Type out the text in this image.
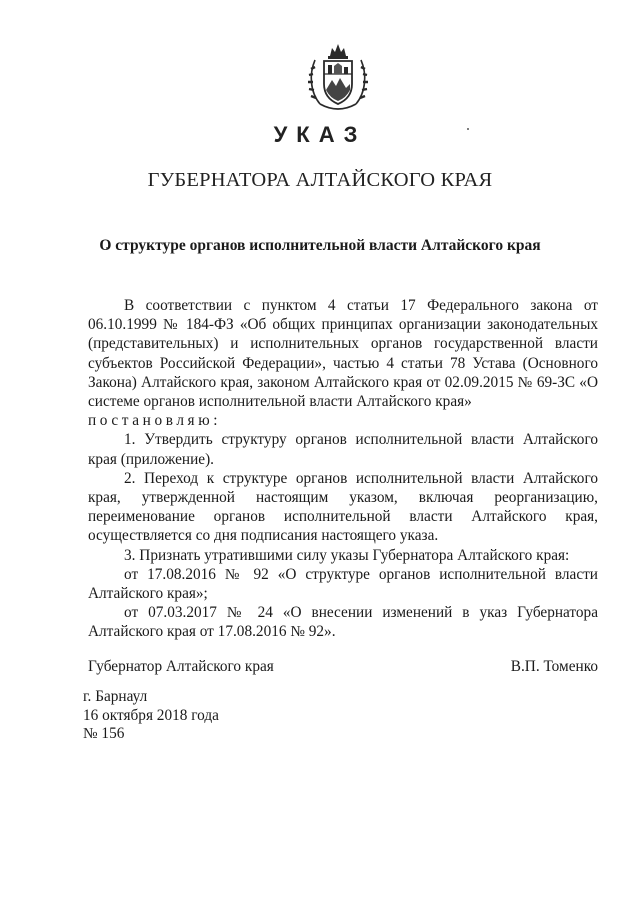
УКАЗ
ГУБЕРНАТОРА АЛТАЙСКОГО КРАЯ
О структуре органов исполнительной власти Алтайского края

В соответствии с пунктом 4 статьи 17 Федерального закона от 06.10.1999 № 184-ФЗ «Об общих принципах организации законодательных (представительных) и исполнительных органов государственной власти субъектов Российской Федерации», частью 4 статьи 78 Устава (Основного Закона) Алтайского края, законом Алтайского края от 02.09.2015 № 69-ЗС «О системе органов исполнительной власти Алтайского края»

постановляю:

1. Утвердить структуру органов исполнительной власти Алтайского края (приложение).

2. Переход к структуре органов исполнительной власти Алтайского края, утвержденной настоящим указом, включая реорганизацию, переименование органов исполнительной власти Алтайского края, осуществляется со дня подписания настоящего указа.

3. Признать утратившими силу указы Губернатора Алтайского края:

от 17.08.2016 № 92 «О структуре органов исполнительной власти Алтайского края»;

от 07.03.2017 № 24 «О внесении изменений в указ Губернатора Алтайского края от 17.08.2016 № 92».

Губернатор Алтайского края	В.П. Томенко
г. Барнаул
16 октября 2018 года
№ 156
